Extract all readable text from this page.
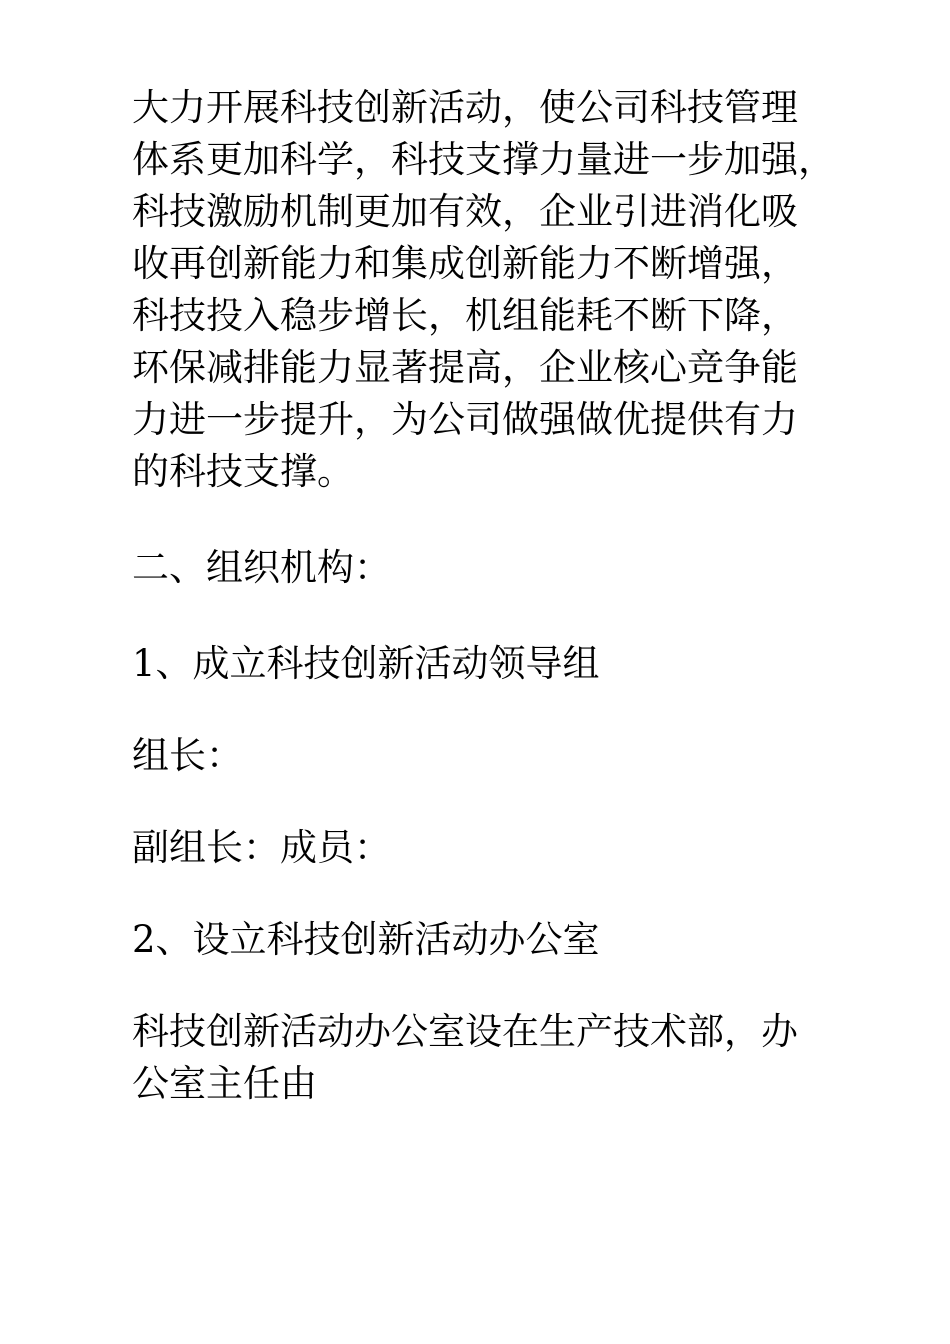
大力开展科技创新活动，使公司科技管理
体系更加科学，科技支撑力量进一步加强，
科技激励机制更加有效，企业引进消化吸
收再创新能力和集成创新能力不断增强，
科技投入稳步增长，机组能耗不断下降，
环保减排能力显著提高，企业核心竞争能
力进一步提升，为公司做强做优提供有力
的科技支撑。

二、组织机构：

1、成立科技创新活动领导组

组长：

副组长：成员：

2、设立科技创新活动办公室

科技创新活动办公室设在生产技术部，办
公室主任由
